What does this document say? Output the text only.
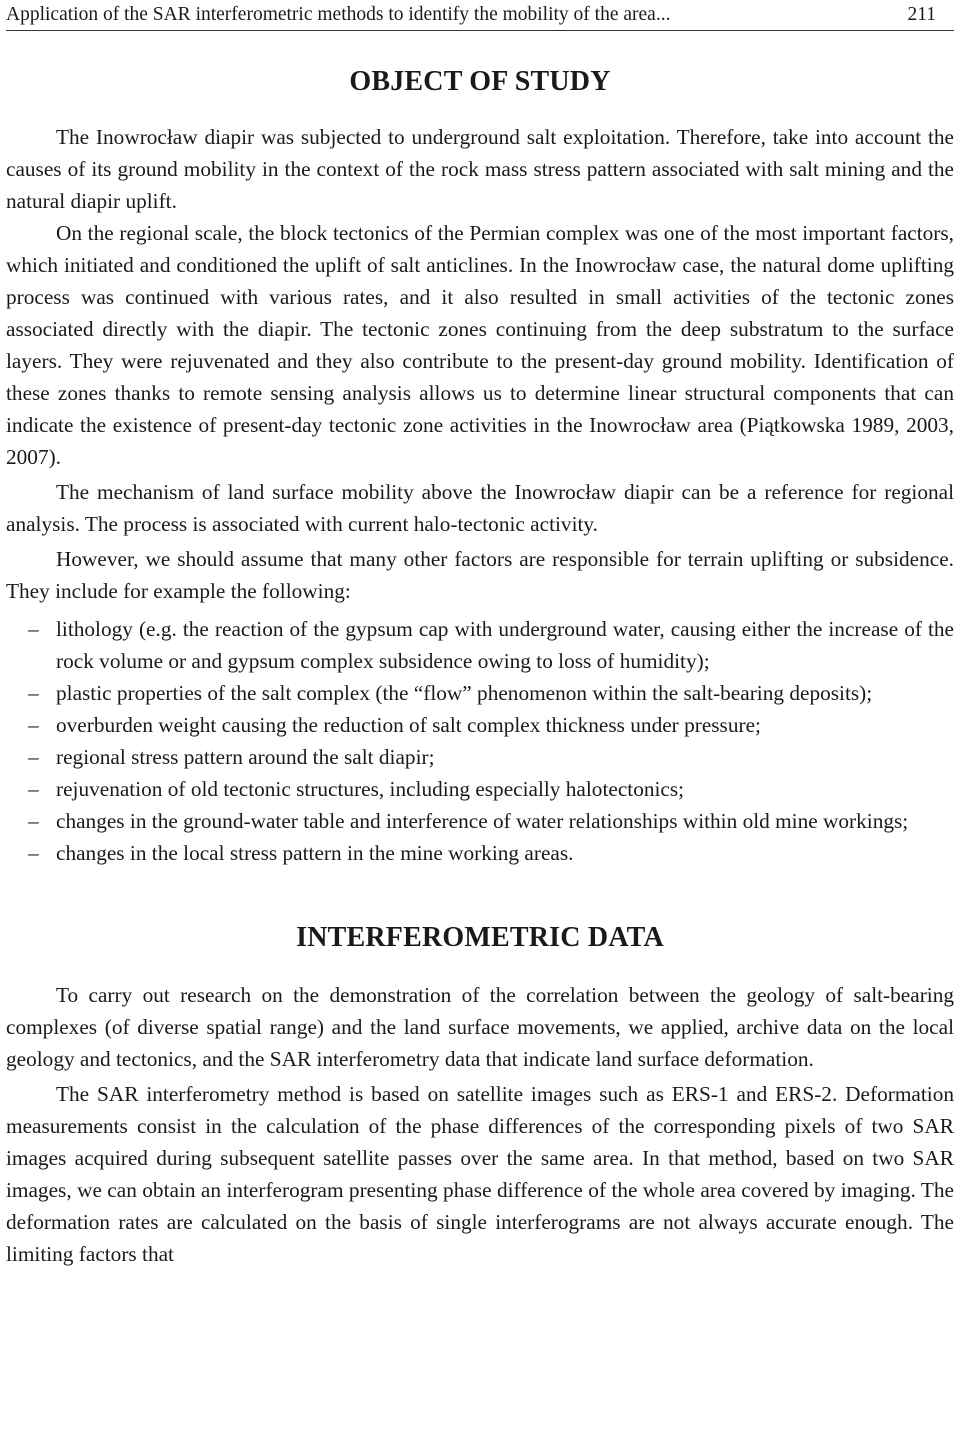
Application of the SAR interferometric methods to identify the mobility of the area...	211
OBJECT OF STUDY

The Inowrocław diapir was subjected to underground salt exploitation. Therefore, take into account the causes of its ground mobility in the context of the rock mass stress pattern associated with salt mining and the natural diapir uplift.

On the regional scale, the block tectonics of the Permian complex was one of the most important factors, which initiated and conditioned the uplift of salt anticlines. In the Inowrocław case, the natural dome uplifting process was continued with various rates, and it also resulted in small activities of the tectonic zones associated directly with the diapir. The tectonic zones continuing from the deep substratum to the surface layers. They were rejuvenated and they also contribute to the present-day ground mobility. Identification of these zones thanks to remote sensing analysis allows us to determine linear structural components that can indicate the existence of present-day tectonic zone activities in the Inowrocław area (Piątkowska 1989, 2003, 2007).

The mechanism of land surface mobility above the Inowrocław diapir can be a reference for regional analysis. The process is associated with current halo-tectonic activity.

However, we should assume that many other factors are responsible for terrain uplifting or subsidence. They include for example the following:

– lithology (e.g. the reaction of the gypsum cap with underground water, causing either the increase of the rock volume or and gypsum complex subsidence owing to loss of humidity);
– plastic properties of the salt complex (the “flow” phenomenon within the salt-bearing deposits);
– overburden weight causing the reduction of salt complex thickness under pressure;
– regional stress pattern around the salt diapir;
– rejuvenation of old tectonic structures, including especially halotectonics;
– changes in the ground-water table and interference of water relationships within old mine workings;
– changes in the local stress pattern in the mine working areas.
INTERFEROMETRIC DATA

To carry out research on the demonstration of the correlation between the geology of salt-bearing complexes (of diverse spatial range) and the land surface movements, we applied, archive data on the local geology and tectonics, and the SAR interferometry data that indicate land surface deformation.

The SAR interferometry method is based on satellite images such as ERS-1 and ERS-2. Deformation measurements consist in the calculation of the phase differences of the corresponding pixels of two SAR images acquired during subsequent satellite passes over the same area. In that method, based on two SAR images, we can obtain an interferogram presenting phase difference of the whole area covered by imaging. The deformation rates are calculated on the basis of single interferograms are not always accurate enough. The limiting factors that
